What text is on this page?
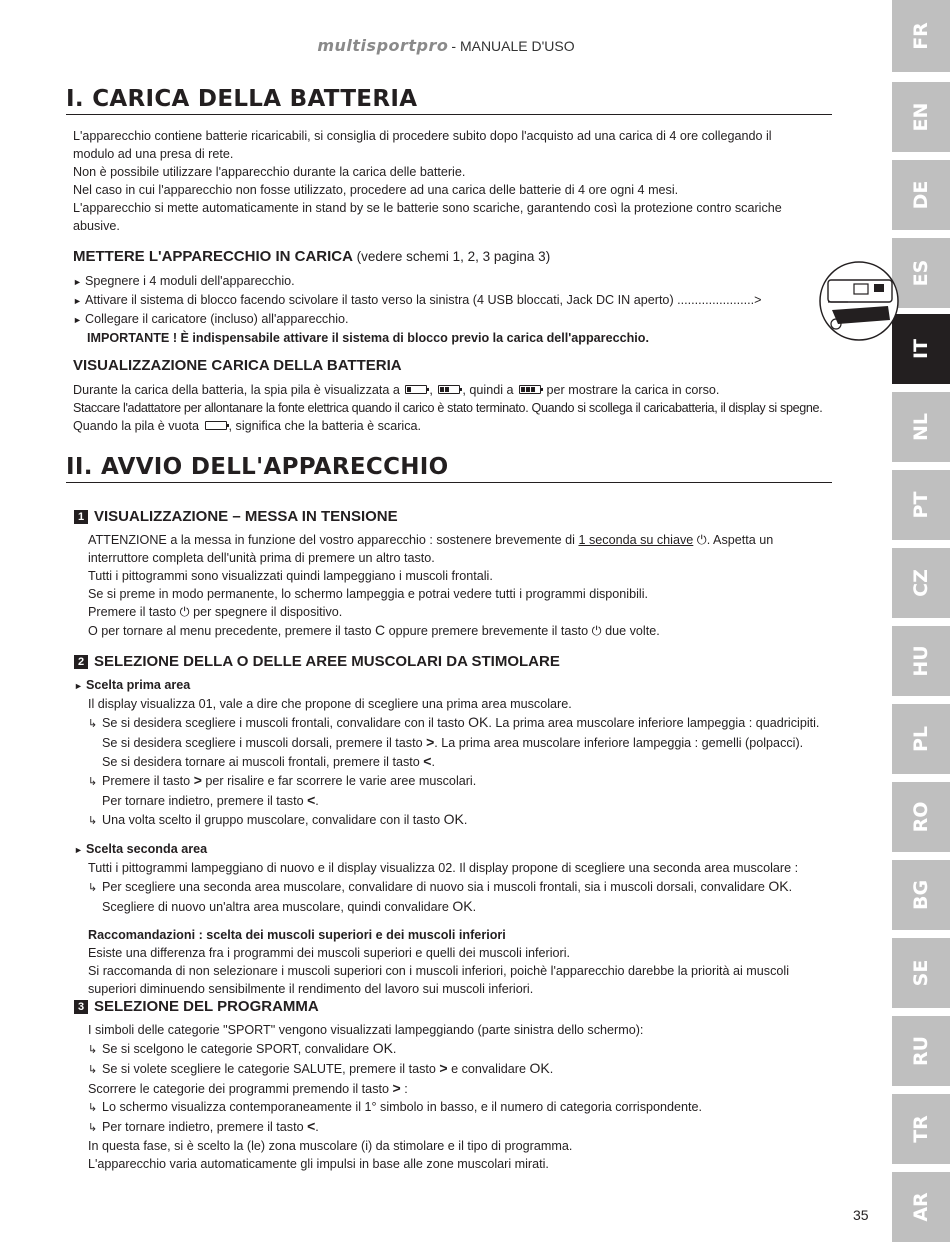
multisportpro - MANUALE D'USO	FR
EN
DE
ES
IT
NL
PT
CZ
HU
PL
RO
BG
SE
RU
TR
AR
I. CARICA DELLA BATTERIA

L'apparecchio contiene batterie ricaricabili, si consiglia di procedere subito dopo l'acquisto ad una carica di 4 ore collegando il

modulo ad una presa di rete.

Non è possibile utilizzare l'apparecchio durante la carica delle batterie.

Nel caso in cui l'apparecchio non fosse utilizzato, procedere ad una carica delle batterie di 4 ore ogni 4 mesi.

L'apparecchio si mette automaticamente in stand by se le batterie sono scariche, garantendo così la protezione contro scariche

abusive.

METTERE L'APPARECCHIO IN CARICA (vedere schemi 1, 2, 3 pagina 3)

► Spegnere i 4 moduli dell'apparecchio.

► Attivare il sistema di blocco facendo scivolare il tasto verso la sinistra (4 USB bloccati, Jack DC IN aperto) ......................>

► Collegare il caricatore (incluso) all'apparecchio.

IMPORTANTE ! È indispensabile attivare il sistema di blocco previo la carica dell'apparecchio.

VISUALIZZAZIONE CARICA DELLA BATTERIA

Durante la carica della batteria, la spia pila è visualizzata a ,
, quindi a	per mostrare la carica in corso.

Staccare l'adattatore per allontanare la fonte elettrica quando il carico è stato terminato. Quando si scollega il caricabatteria, il display si spegne.

Quando la pila è vuota , significa che la batteria è scarica.

II. AVVIO DELL'APPARECCHIO
1 VISUALIZZAZIONE – MESSA IN TENSIONE

ATTENZIONE a la messa in funzione del vostro apparecchio : sostenere brevemente di 1 seconda su chiave ⏻. Aspetta un

interruttore completa dell'unità prima di premere un altro tasto.

Tutti i pittogrammi sono visualizzati quindi lampeggiano i muscoli frontali.

Se si preme in modo permanente, lo schermo lampeggia e potrai vedere tutti i programmi disponibili.

Premere il tasto ⏻ per spegnere il dispositivo.

O per tornare al menu precedente, premere il tasto C oppure premere brevemente il tasto ⏻ due volte.

2 SELEZIONE DELLA O DELLE AREE MUSCOLARI DA STIMOLARE

► Scelta prima area

Il display visualizza 01, vale a dire che propone di scegliere una prima area muscolare.

↳ Se si desidera scegliere i muscoli frontali, convalidare con il tasto OK. La prima area muscolare inferiore lampeggia : quadricipiti.

Se si desidera scegliere i muscoli dorsali, premere il tasto >. La prima area muscolare inferiore lampeggia : gemelli (polpacci).

Se si desidera tornare ai muscoli frontali, premere il tasto <.

↳ Premere il tasto > per risalire e far scorrere le varie aree muscolari.

Per tornare indietro, premere il tasto <.

↳ Una volta scelto il gruppo muscolare, convalidare con il tasto OK.

► Scelta seconda area

Tutti i pittogrammi lampeggiano di nuovo e il display visualizza 02. Il display propone di scegliere una seconda area muscolare :

↳ Per scegliere una seconda area muscolare, convalidare di nuovo sia i muscoli frontali, sia i muscoli dorsali, convalidare OK.

Scegliere di nuovo un'altra area muscolare, quindi convalidare OK.

Raccomandazioni : scelta dei muscoli superiori e dei muscoli inferiori

Esiste una differenza fra i programmi dei muscoli superiori e quelli dei muscoli inferiori.

Si raccomanda di non selezionare i muscoli superiori con i muscoli inferiori, poichè l'apparecchio darebbe la priorità ai muscoli

superiori diminuendo sensibilmente il rendimento del lavoro sui muscoli inferiori.

3 SELEZIONE DEL PROGRAMMA

I simboli delle categorie "SPORT" vengono visualizzati lampeggiando (parte sinistra dello schermo):

↳ Se si scelgono le categorie SPORT, convalidare OK.

↳ Se si volete scegliere le categorie SALUTE, premere il tasto > e convalidare OK.

Scorrere le categorie dei programmi premendo il tasto > :

↳ Lo schermo visualizza contemporaneamente il 1° simbolo in basso, e il numero di categoria corrispondente.

↳ Per tornare indietro, premere il tasto <.

In questa fase, si è scelto la (le) zona muscolare (i) da stimolare e il tipo di programma.

L'apparecchio varia automaticamente gli impulsi in base alle zone muscolari mirati.

35
